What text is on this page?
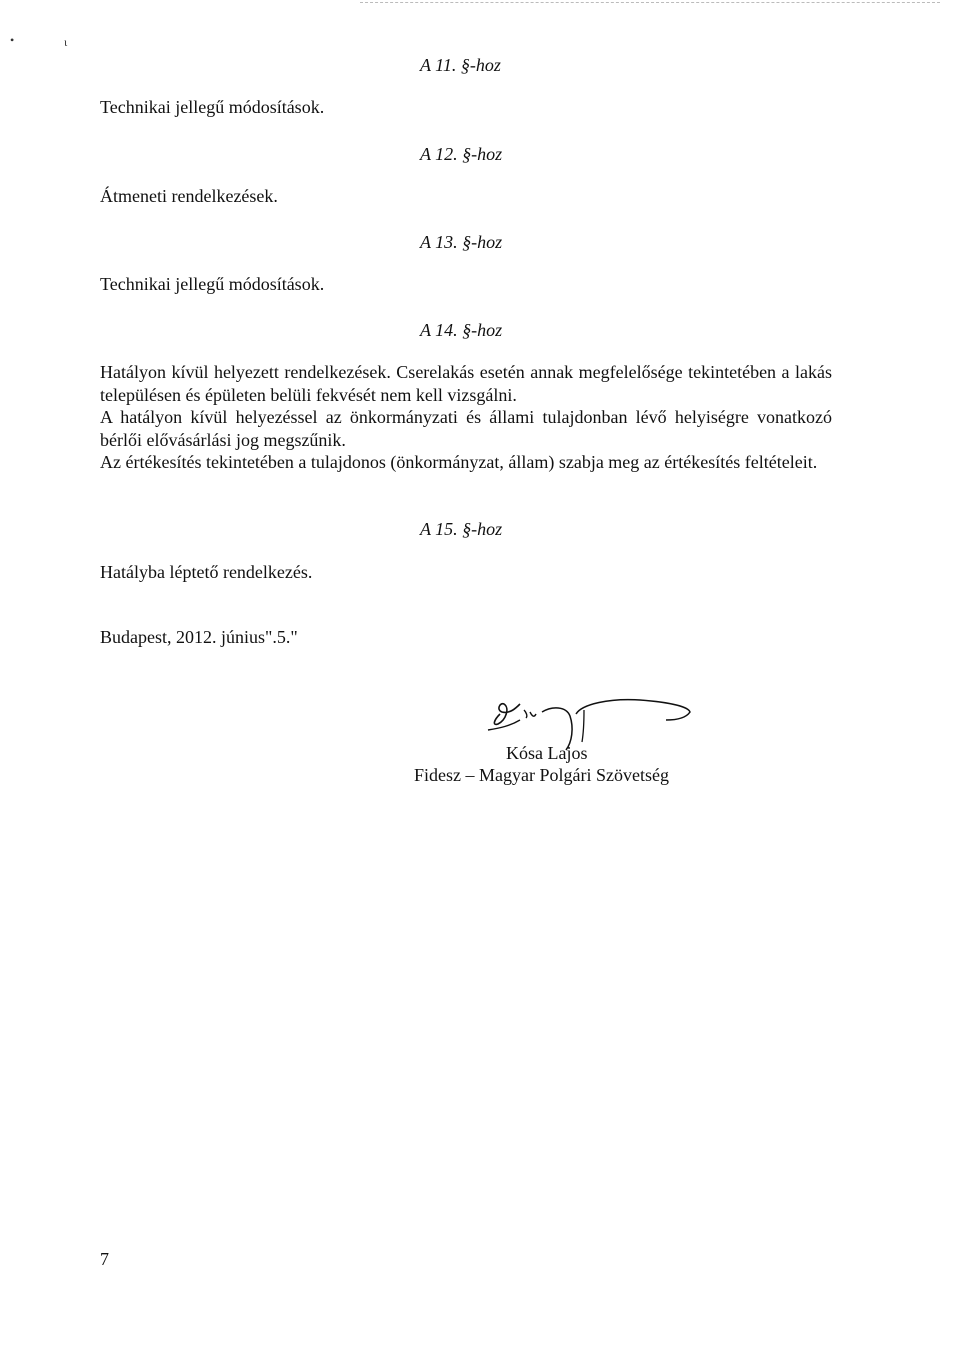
•	ɩ
A 11. §-hoz
Technikai jellegű módosítások.
A 12. §-hoz
Átmeneti rendelkezések.
A 13. §-hoz
Technikai jellegű módosítások.
A 14. §-hoz

Hatályon kívül helyezett rendelkezések. Cserelakás esetén annak megfelelősége tekintetében a lakás településen és épületen belüli fekvését nem kell vizsgálni.

A hatályon kívül helyezéssel az önkormányzati és állami tulajdonban lévő helyiségre vonatkozó bérlői elővásárlási jog megszűnik.

Az értékesítés tekintetében a tulajdonos (önkormányzat, állam) szabja meg az értékesítés feltételeit.

A 15. §-hoz
Hatályba léptető rendelkezés.
Budapest, 2012. június".5."
Kósa Lajos
Fidesz – Magyar Polgári Szövetség
7
